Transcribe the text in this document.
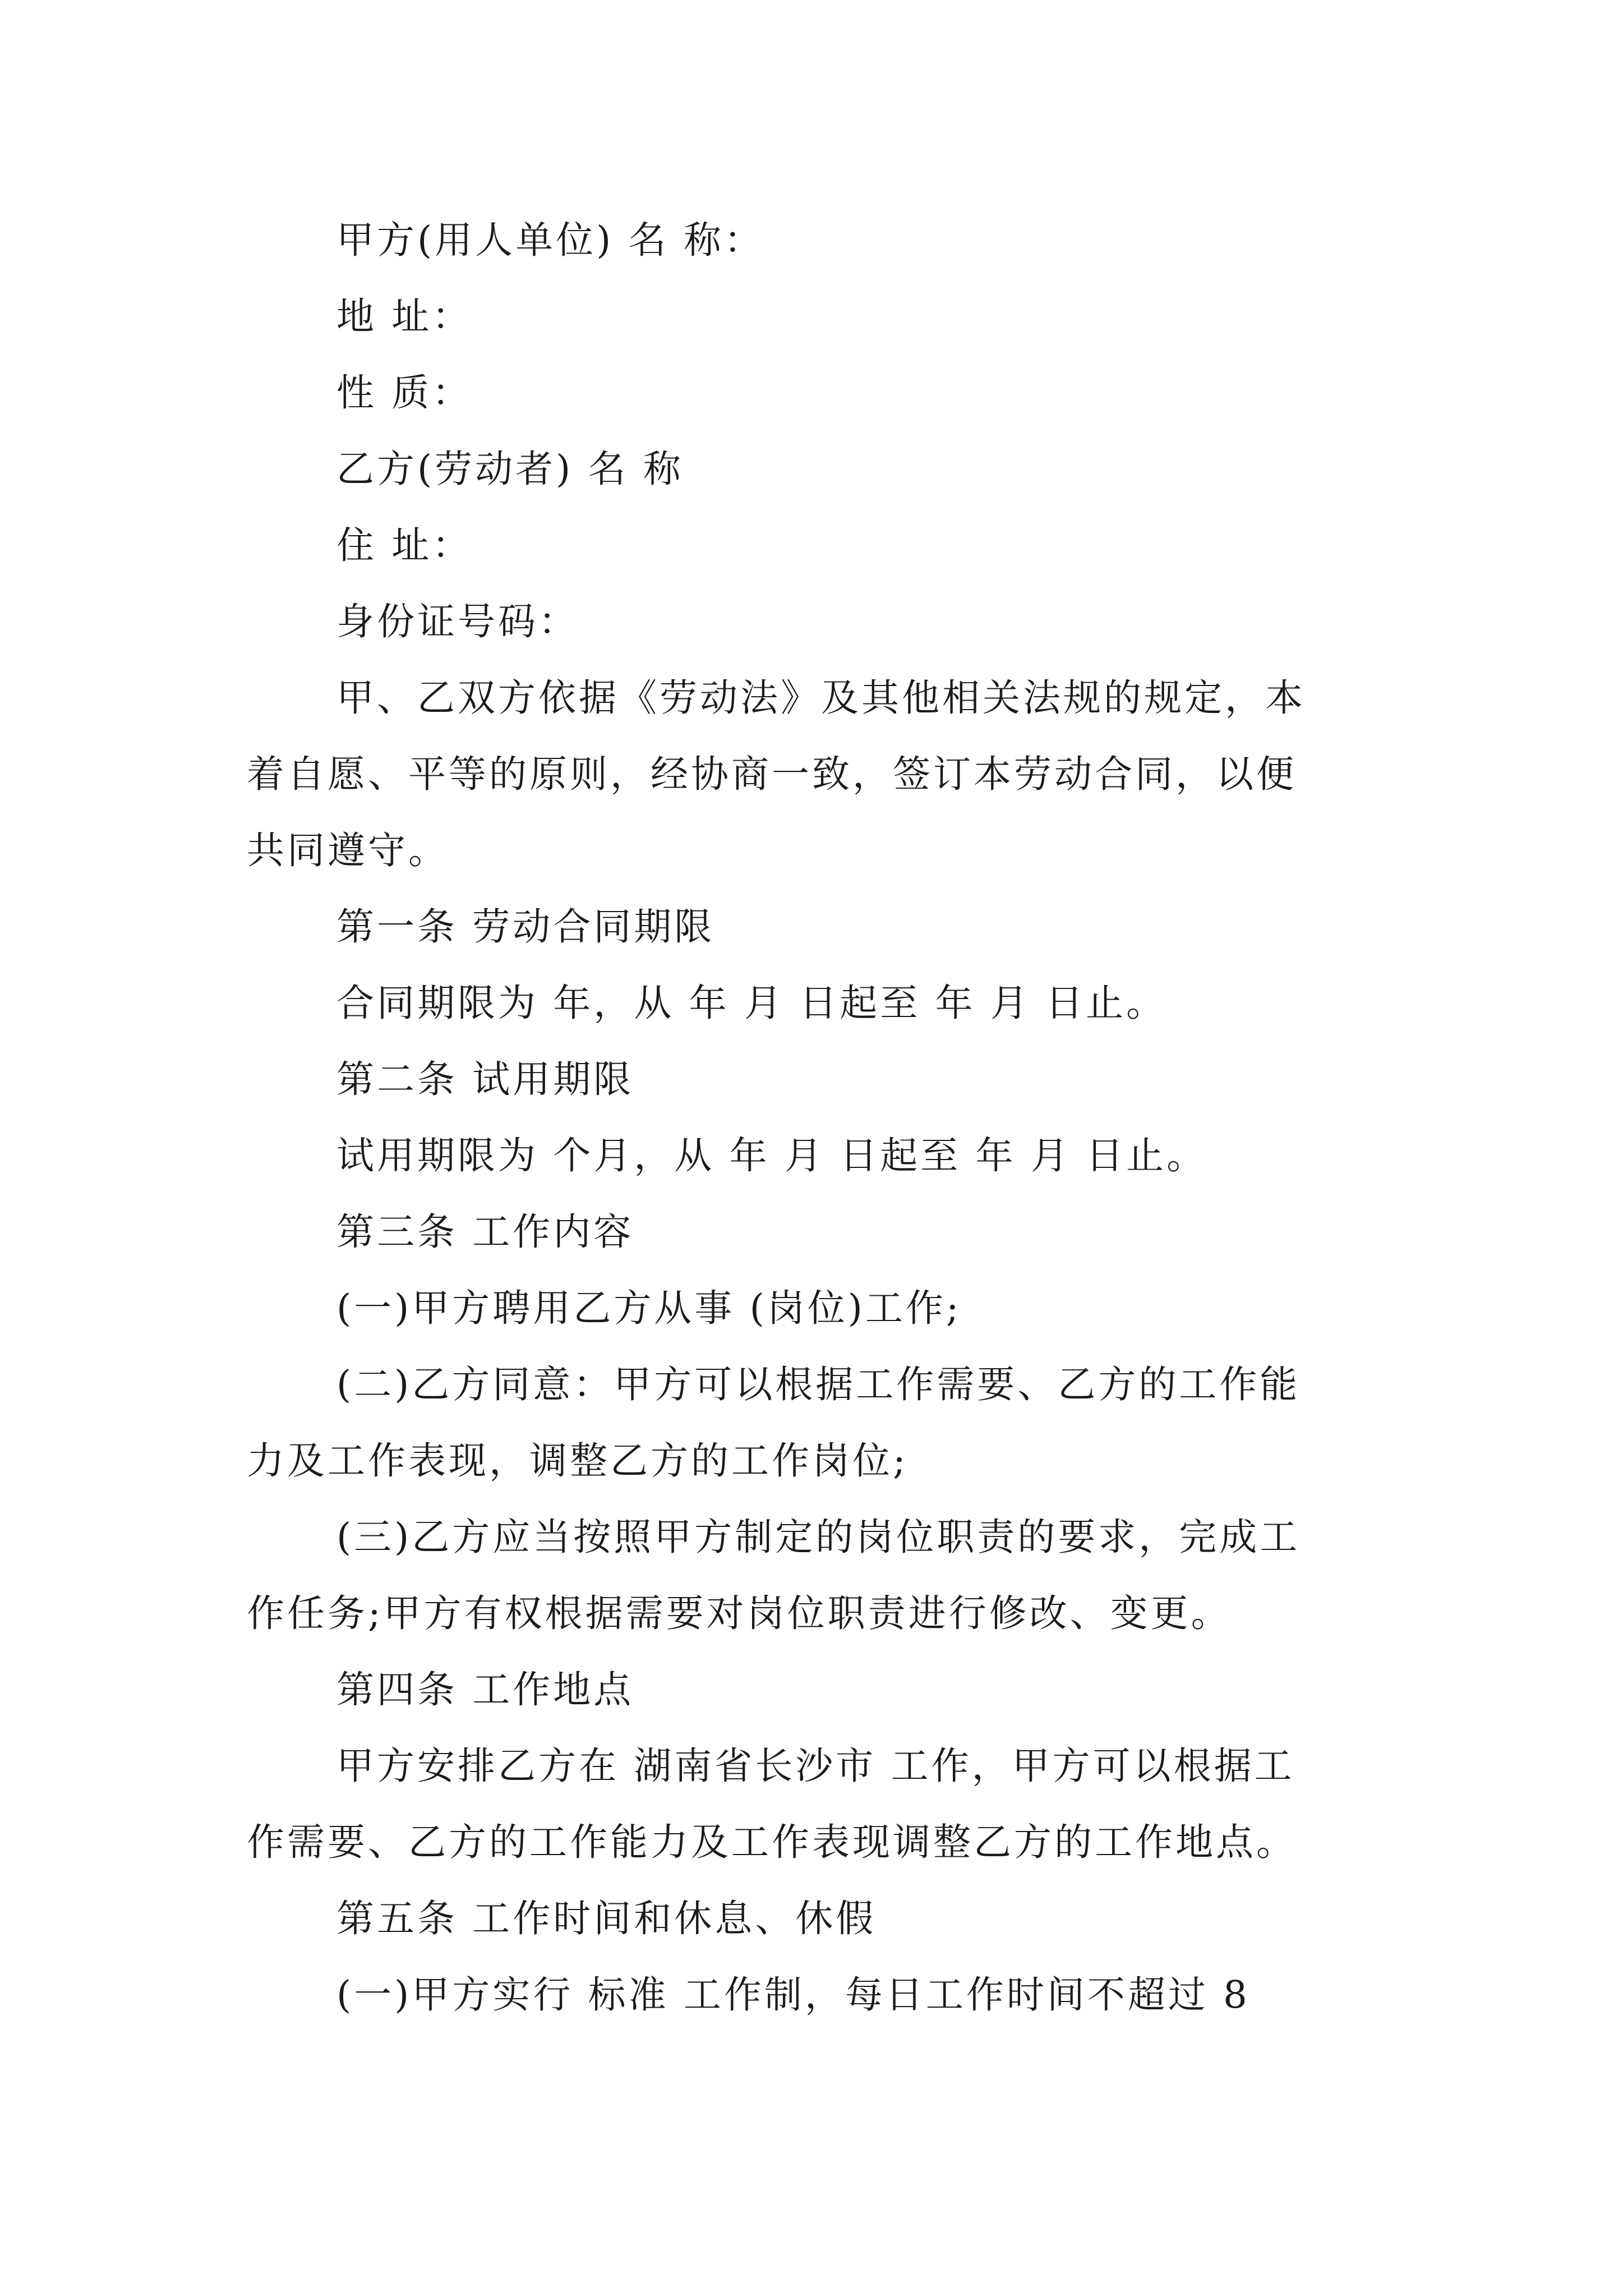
甲方(用人单位) 名 称：
地 址：
性 质：
乙方(劳动者) 名 称
住 址：
身份证号码：
甲、乙双方依据《劳动法》及其他相关法规的规定，本
着自愿、平等的原则，经协商一致，签订本劳动合同，以便
共同遵守。
第一条 劳动合同期限
合同期限为 年，从 年 月 日起至 年 月 日止。
第二条 试用期限
试用期限为 个月，从 年 月 日起至 年 月 日止。
第三条 工作内容
(一)甲方聘用乙方从事 (岗位)工作;
(二)乙方同意：甲方可以根据工作需要、乙方的工作能
力及工作表现，调整乙方的工作岗位;
(三)乙方应当按照甲方制定的岗位职责的要求，完成工
作任务;甲方有权根据需要对岗位职责进行修改、变更。
第四条 工作地点
甲方安排乙方在 湖南省长沙市 工作，甲方可以根据工
作需要、乙方的工作能力及工作表现调整乙方的工作地点。
第五条 工作时间和休息、休假
(一)甲方实行 标准 工作制，每日工作时间不超过 8
